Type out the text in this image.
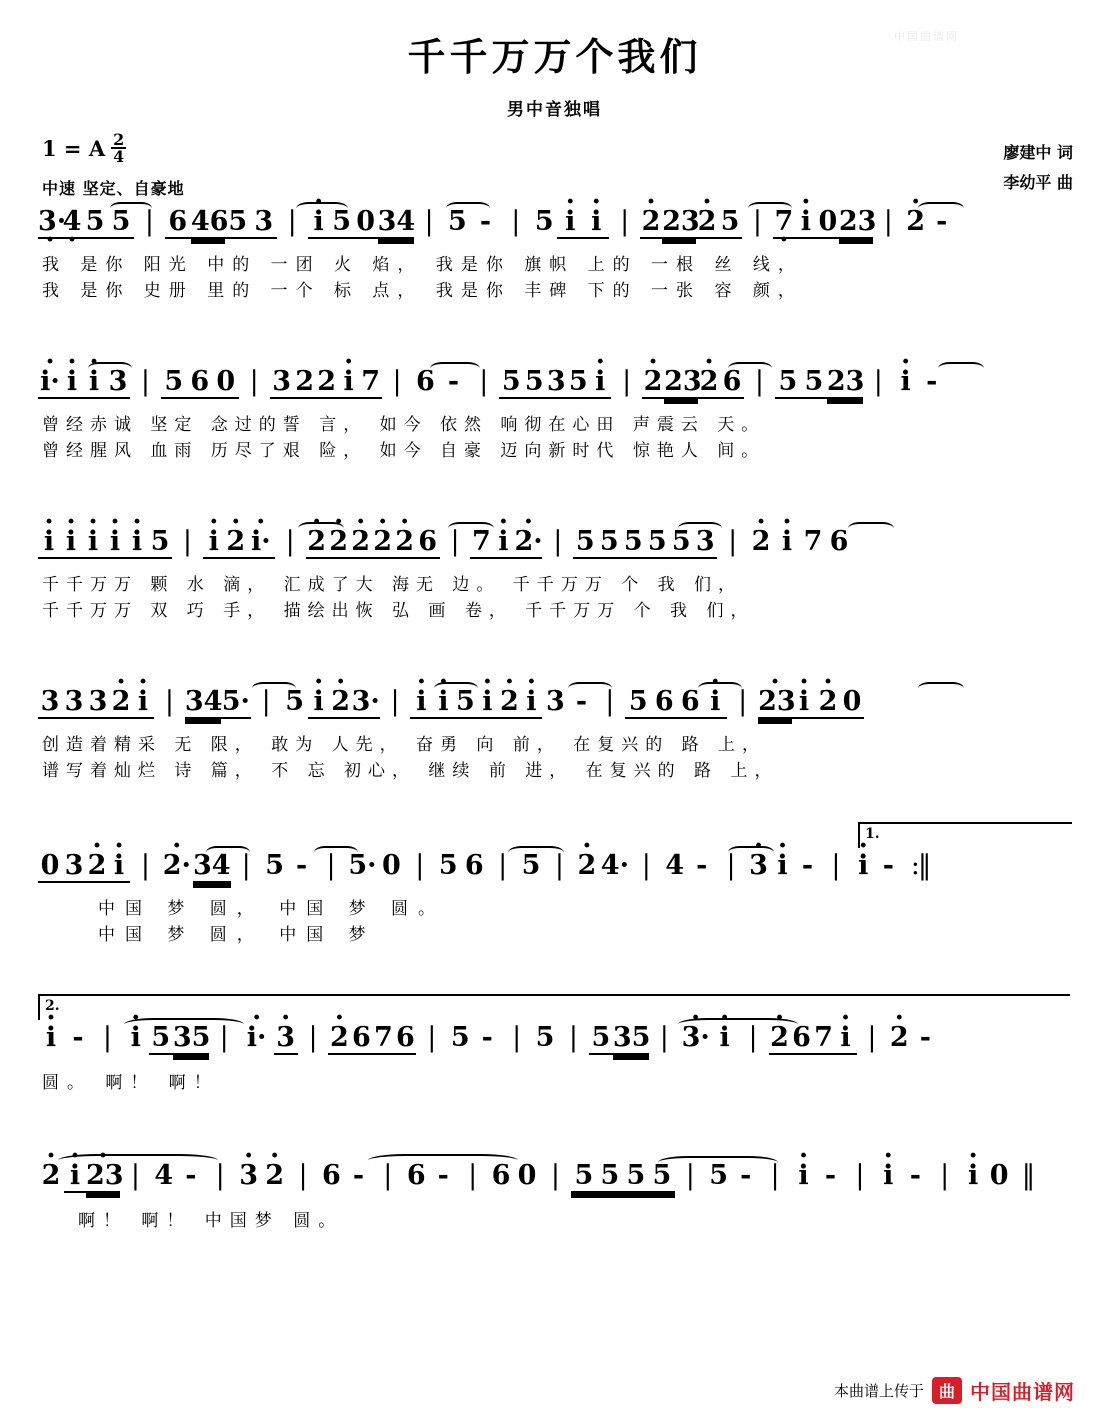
中国曲谱网
千千万万个我们
男中音独唱
1 = A $\frac{2}{4}$
中速 坚定、自豪地
廖建中 词
李幼平 曲
3· ·4 · 5 5 | 6 465 3 | · i 5 034 | 5 - | 5 · i · i | · 223· 2 5 | 7 · · i 023 | · 2 -
我 是你 阳光 中的 一团 火 焰， 我是你 旗帜 上的 一根 丝 线，
我 是你 史册 里的 一个 标 点， 我是你 丰碑 下的 一张 容 颜，
· i· · i · i 3 | 5 6 0 | 3 2 2 · i 7 | 6 - | 5 5 3 5 · i | · 223· 2 6 | 5 5 23 | · i -
曾经赤诚 坚定 念过的誓 言， 如今 依然 响彻在心田 声震云 天。
曾经腥风 血雨 历尽了艰 险， 如今 自豪 迈向新时代 惊艳人 间。
· i · i · i · i · i 5 | · i · 2 · i· | · 2 · 2 · 2 · 2 · 2 6 | 7 · i · 2· | 5 5 5 5 5 3 | · 2 · i 7 6
千千万万 颗 水 滴， 汇成了大 海无 边。 千千万万 个 我 们，
千千万万 双 巧 手， 描绘出恢 弘 画 卷， 千千万万 个 我 们，
3 3 3 · 2 · i | 345· | 5 · i · 23· | · i · i 5 · i · 2 · i 3 - | 5 6 6 · i | · 23 · i · 2 0
创造着精采 无 限， 敢为 人先， 奋勇 向 前， 在复兴的 路 上，
谱写着灿烂 诗 篇， 不 忘 初心， 继续 前 进， 在复兴的 路 上，
1.
0 3 · 2 · i | · 2·34 | 5 - | 5· 0 | 5 6 | 5 | · 2 4· | 4 - | · 3 · i - | · i - :‖
中国 梦 圆， 中国 梦 圆。
中国 梦 圆， 中国 梦
2.
· i - | · i 535 | · i· · 3 | · 2 6 7 6 | 5 - | 5 | 535 | · 3· · i | · 2 6 7 · i | · 2 -
圆。 啊！ 啊！
· 2 · i · 23 | 4 - | · 3 · 2 | 6 - | 6 - | 6 0 | 5 5 5 5 | 5 - | · i - | · i - | · i 0 ‖
啊！ 啊！ 中国梦 圆。
本曲谱上传于 曲 中国曲谱网
